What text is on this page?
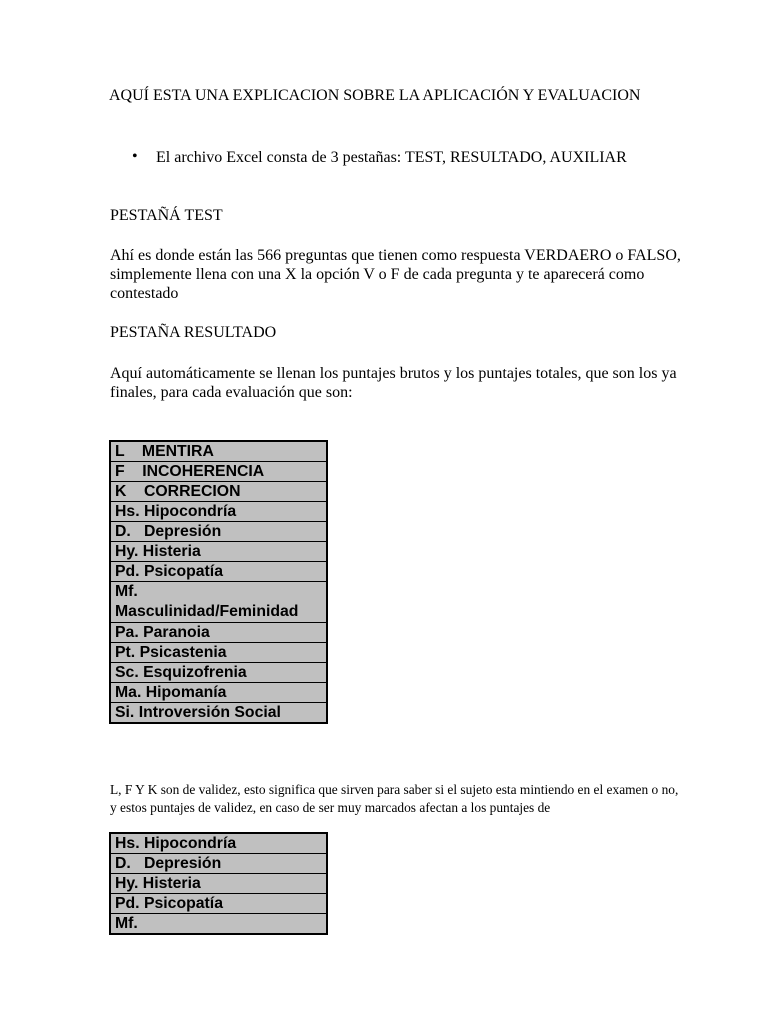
AQUÍ ESTA UNA EXPLICACION SOBRE LA APLICACIÓN Y EVALUACION
• El archivo Excel consta de 3 pestañas: TEST, RESULTADO, AUXILIAR
PESTAÑÁ TEST
Ahí es donde están las 566 preguntas que tienen como respuesta VERDAERO o FALSO, simplemente llena con una X la opción V o F de cada pregunta y te aparecerá como contestado
PESTAÑA RESULTADO
Aquí automáticamente se llenan los puntajes brutos y los puntajes totales, que son los ya finales, para cada evaluación que son:
L    MENTIRA
F    INCOHERENCIA
K    CORRECION
Hs. Hipocondría
D.   Depresión
Hy. Histeria
Pd. Psicopatía
Mf.
Masculinidad/Feminidad
Pa. Paranoia
Pt. Psicastenia
Sc. Esquizofrenia
Ma. Hipomanía
Si. Introversión Social
L, F Y K son de validez, esto significa que sirven para saber si el sujeto esta mintiendo en el examen o no, y estos puntajes de validez, en caso de ser muy marcados afectan a los puntajes de
Hs. Hipocondría
D.   Depresión
Hy. Histeria
Pd. Psicopatía
Mf.
